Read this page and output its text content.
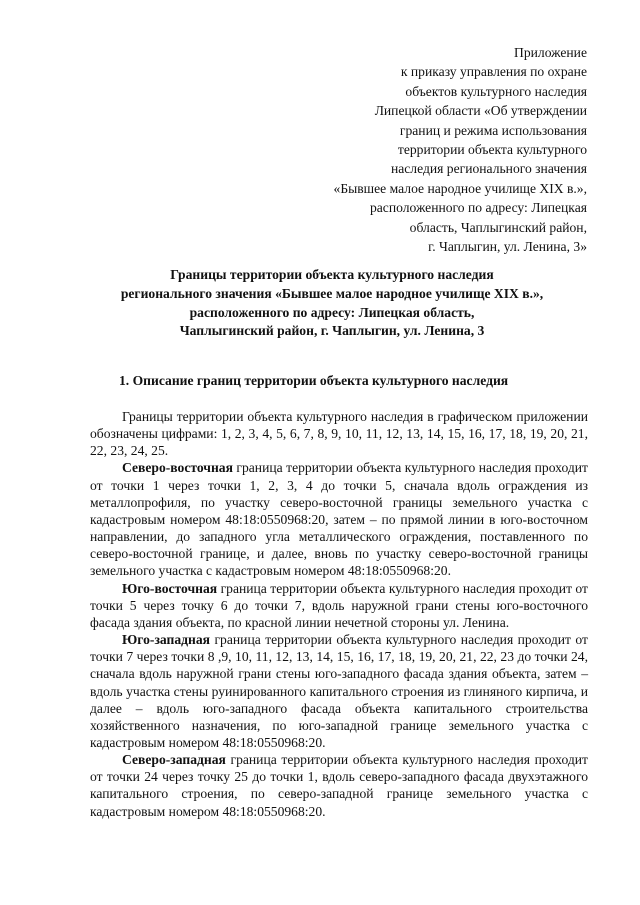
Приложение
к приказу управления по охране
объектов культурного наследия
Липецкой области «Об утверждении
границ и режима использования
территории объекта культурного
наследия регионального значения
«Бывшее малое народное училище XIX в.»,
расположенного по адресу: Липецкая
область, Чаплыгинский район,
г. Чаплыгин, ул. Ленина, 3»
Границы территории объекта культурного наследия
регионального значения «Бывшее малое народное училище XIX в.»,
расположенного по адресу: Липецкая область,
Чаплыгинский район, г. Чаплыгин, ул. Ленина, 3
1. Описание границ территории объекта культурного наследия

Границы территории объекта культурного наследия в графическом приложении обозначены цифрами: 1, 2, 3, 4, 5, 6, 7, 8, 9, 10, 11, 12, 13, 14, 15, 16, 17, 18, 19, 20, 21, 22, 23, 24, 25.

Северо-восточная граница территории объекта культурного наследия проходит от точки 1 через точки 1, 2, 3, 4 до точки 5, сначала вдоль ограждения из металлопрофиля, по участку северо-восточной границы земельного участка с кадастровым номером 48:18:0550968:20, затем – по прямой линии в юго-восточном направлении, до западного угла металлического ограждения, поставленного по северо-восточной границе, и далее, вновь по участку северо-восточной границы земельного участка с кадастровым номером 48:18:0550968:20.

Юго-восточная граница территории объекта культурного наследия проходит от точки 5 через точку 6 до точки 7, вдоль наружной грани стены юго-восточного фасада здания объекта, по красной линии нечетной стороны ул. Ленина.

Юго-западная граница территории объекта культурного наследия проходит от точки 7 через точки 8 ,9, 10, 11, 12, 13, 14, 15, 16, 17, 18, 19, 20, 21, 22, 23 до точки 24, сначала вдоль наружной грани стены юго-западного фасада здания объекта, затем – вдоль участка стены руинированного капитального строения из глиняного кирпича, и далее – вдоль юго-западного фасада объекта капитального строительства хозяйственного назначения, по юго-западной границе земельного участка с кадастровым номером 48:18:0550968:20.

Северо-западная граница территории объекта культурного наследия проходит от точки 24 через точку 25 до точки 1, вдоль северо-западного фасада двухэтажного капитального строения, по северо-западной границе земельного участка с кадастровым номером 48:18:0550968:20.
